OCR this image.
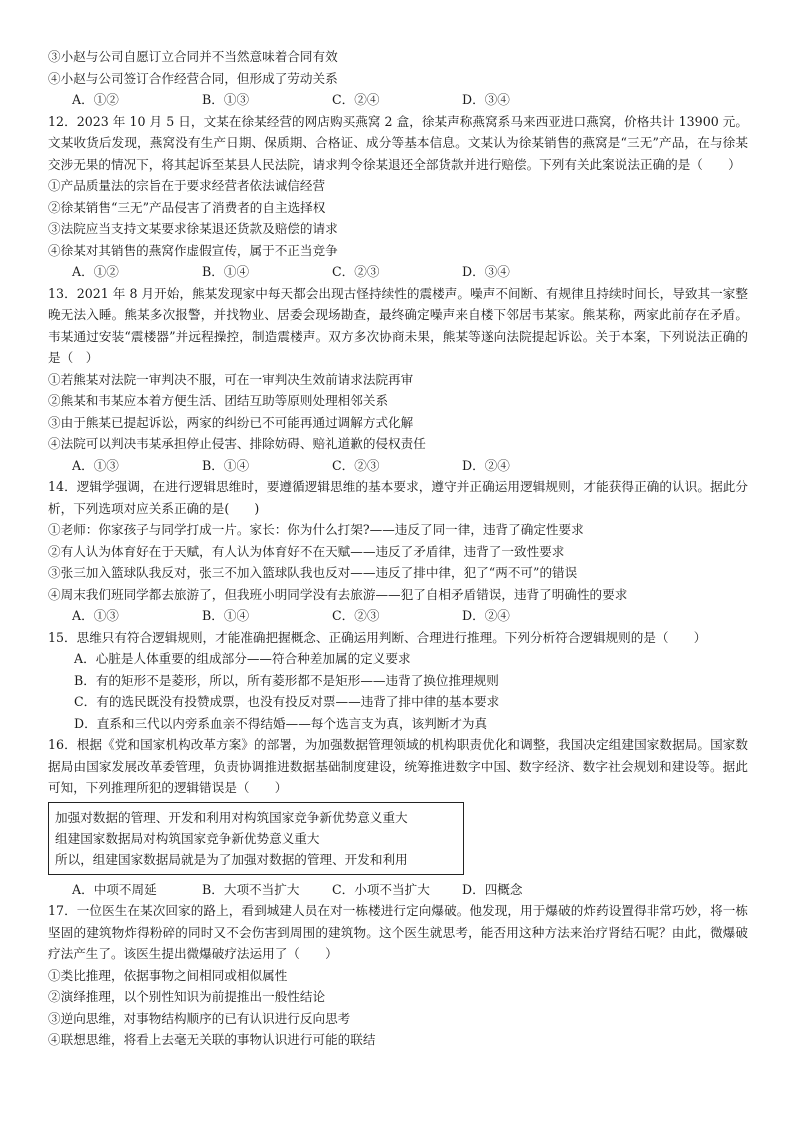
③小赵与公司自愿订立合同并不当然意味着合同有效
④小赵与公司签订合作经营合同，但形成了劳动关系
A．①②	B．①③	C．②④	D．③④
12．2023 年 10 月 5 日，文某在徐某经营的网店购买燕窝 2 盒，徐某声称燕窝系马来西亚进口燕窝，价格共计 13900 元。文某收货后发现，燕窝没有生产日期、保质期、合格证、成分等基本信息。文某认为徐某销售的燕窝是“三无”产品，在与徐某交涉无果的情况下，将其起诉至某县人民法院，请求判令徐某退还全部货款并进行赔偿。下列有关此案说法正确的是（　　）
①产品质量法的宗旨在于要求经营者依法诚信经营
②徐某销售“三无”产品侵害了消费者的自主选择权
③法院应当支持文某要求徐某退还货款及赔偿的请求
④徐某对其销售的燕窝作虚假宣传，属于不正当竞争
A．①②	B．①④	C．②③	D．③④
13．2021 年 8 月开始，熊某发现家中每天都会出现古怪持续性的震楼声。噪声不间断、有规律且持续时间长，导致其一家整晚无法入睡。熊某多次报警，并找物业、居委会现场勘查，最终确定噪声来自楼下邻居韦某家。熊某称，两家此前存在矛盾。韦某通过安装“震楼器”并远程操控，制造震楼声。双方多次协商未果，熊某等遂向法院提起诉讼。关于本案，下列说法正确的是（　）
①若熊某对法院一审判决不服，可在一审判决生效前请求法院再审
②熊某和韦某应本着方便生活、团结互助等原则处理相邻关系
③由于熊某已提起诉讼，两家的纠纷已不可能再通过调解方式化解
④法院可以判决韦某承担停止侵害、排除妨碍、赔礼道歉的侵权责任
A．①③	B．①④	C．②③	D．②④
14．逻辑学强调，在进行逻辑思维时，要遵循逻辑思维的基本要求，遵守并正确运用逻辑规则，才能获得正确的认识。据此分析，下列选项对应关系正确的是(　　)
①老师：你家孩子与同学打成一片。家长：你为什么打架?——违反了同一律，违背了确定性要求
②有人认为体育好在于天赋，有人认为体育好不在天赋——违反了矛盾律，违背了一致性要求
③张三加入篮球队我反对，张三不加入篮球队我也反对——违反了排中律，犯了“两不可”的错误
④周末我们班同学都去旅游了，但我班小明同学没有去旅游——犯了自相矛盾错误，违背了明确性的要求
A．①③	B．①④	C．②③	D．②④
15．思维只有符合逻辑规则，才能准确把握概念、正确运用判断、合理进行推理。下列分析符合逻辑规则的是（　　）
A．心脏是人体重要的组成部分——符合种差加属的定义要求
B．有的矩形不是菱形，所以，所有菱形都不是矩形——违背了换位推理规则
C．有的选民既没有投赞成票，也没有投反对票——违背了排中律的基本要求
D．直系和三代以内旁系血亲不得结婚——每个选言支为真，该判断才为真
16．根据《党和国家机构改革方案》的部署，为加强数据管理领域的机构职责优化和调整，我国决定组建国家数据局。国家数据局由国家发展改革委管理，负责协调推进数据基础制度建设，统筹推进数字中国、数字经济、数字社会规划和建设等。据此可知，下列推理所犯的逻辑错误是（　　）
加强对数据的管理、开发和利用对构筑国家竞争新优势意义重大
组建国家数据局对构筑国家竞争新优势意义重大
所以，组建国家数据局就是为了加强对数据的管理、开发和利用
A．中项不周延	B．大项不当扩大	C．小项不当扩大	D．四概念
17．一位医生在某次回家的路上，看到城建人员在对一栋楼进行定向爆破。他发现，用于爆破的炸药设置得非常巧妙，将一栋坚固的建筑物炸得粉碎的同时又不会伤害到周围的建筑物。这个医生就思考，能否用这种方法来治疗肾结石呢？由此，微爆破疗法产生了。该医生提出微爆破疗法运用了（　　）
①类比推理，依据事物之间相同或相似属性
②演绎推理，以个别性知识为前提推出一般性结论
③逆向思维，对事物结构顺序的已有认识进行反向思考
④联想思维，将看上去毫无关联的事物认识进行可能的联结
